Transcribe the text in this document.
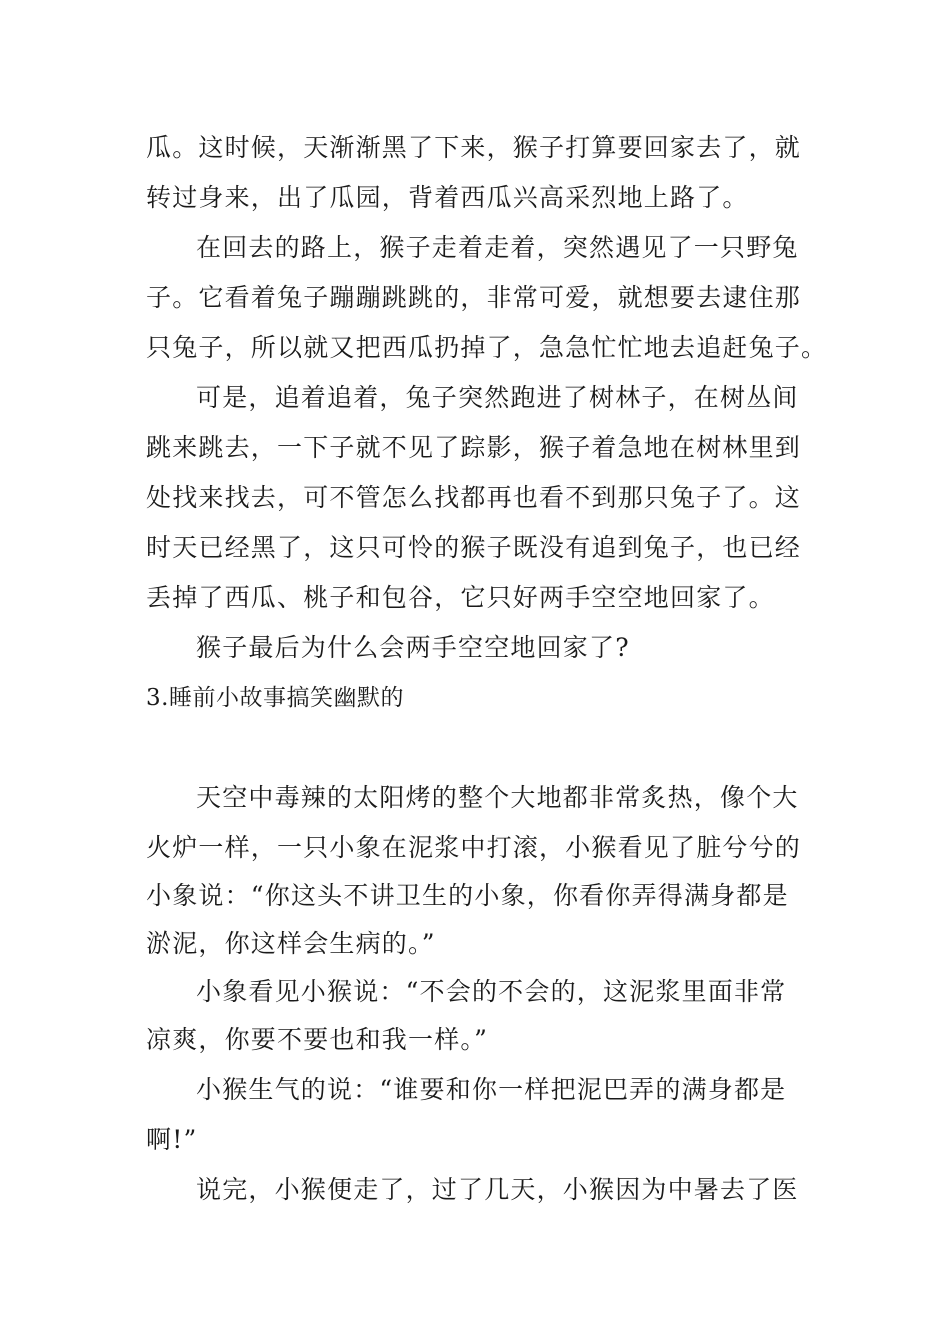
瓜。这时候，天渐渐黑了下来，猴子打算要回家去了，就
转过身来，出了瓜园，背着西瓜兴高采烈地上路了。
在回去的路上，猴子走着走着，突然遇见了一只野兔
子。它看着兔子蹦蹦跳跳的，非常可爱，就想要去逮住那
只兔子，所以就又把西瓜扔掉了，急急忙忙地去追赶兔子。
可是，追着追着，兔子突然跑进了树林子，在树丛间
跳来跳去，一下子就不见了踪影，猴子着急地在树林里到
处找来找去，可不管怎么找都再也看不到那只兔子了。这
时天已经黑了，这只可怜的猴子既没有追到兔子，也已经
丢掉了西瓜、桃子和包谷，它只好两手空空地回家了。
猴子最后为什么会两手空空地回家了?
3.睡前小故事搞笑幽默的
天空中毒辣的太阳烤的整个大地都非常炙热，像个大
火炉一样，一只小象在泥浆中打滚，小猴看见了脏兮兮的
小象说：“你这头不讲卫生的小象，你看你弄得满身都是
淤泥，你这样会生病的。”
小象看见小猴说：“不会的不会的，这泥浆里面非常
凉爽，你要不要也和我一样。”
小猴生气的说：“谁要和你一样把泥巴弄的满身都是
啊!”
说完，小猴便走了，过了几天，小猴因为中暑去了医
